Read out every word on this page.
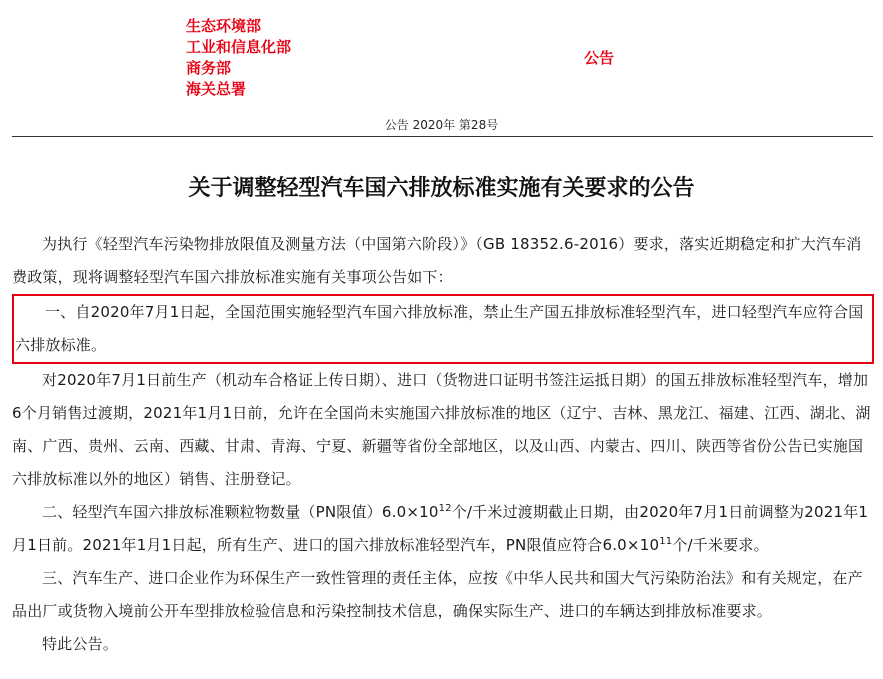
生态环境部
工业和信息化部
商务部
海关总署
公告
公告 2020年 第28号
关于调整轻型汽车国六排放标准实施有关要求的公告

为执行《轻型汽车污染物排放限值及测量方法（中国第六阶段）》（GB 18352.6-2016）要求，落实近期稳定和扩大汽车消费政策，现将调整轻型汽车国六排放标准实施有关事项公告如下：

一、自2020年7月1日起，全国范围实施轻型汽车国六排放标准，禁止生产国五排放标准轻型汽车，进口轻型汽车应符合国六排放标准。

对2020年7月1日前生产（机动车合格证上传日期）、进口（货物进口证明书签注运抵日期）的国五排放标准轻型汽车，增加6个月销售过渡期，2021年1月1日前，允许在全国尚未实施国六排放标准的地区（辽宁、吉林、黑龙江、福建、江西、湖北、湖南、广西、贵州、云南、西藏、甘肃、青海、宁夏、新疆等省份全部地区，以及山西、内蒙古、四川、陕西等省份公告已实施国六排放标准以外的地区）销售、注册登记。

二、轻型汽车国六排放标准颗粒物数量（PN限值）$6.0\times 10^{12}$个/千米过渡期截止日期，由2020年7月1日前调整为2021年1月1日前。2021年1月1日起，所有生产、进口的国六排放标准轻型汽车，PN限值应符合$6.0\times 10^{11}$个/千米要求。

三、汽车生产、进口企业作为环保生产一致性管理的责任主体，应按《中华人民共和国大气污染防治法》和有关规定，在产品出厂或货物入境前公开车型排放检验信息和污染控制技术信息，确保实际生产、进口的车辆达到排放标准要求。

特此公告。
